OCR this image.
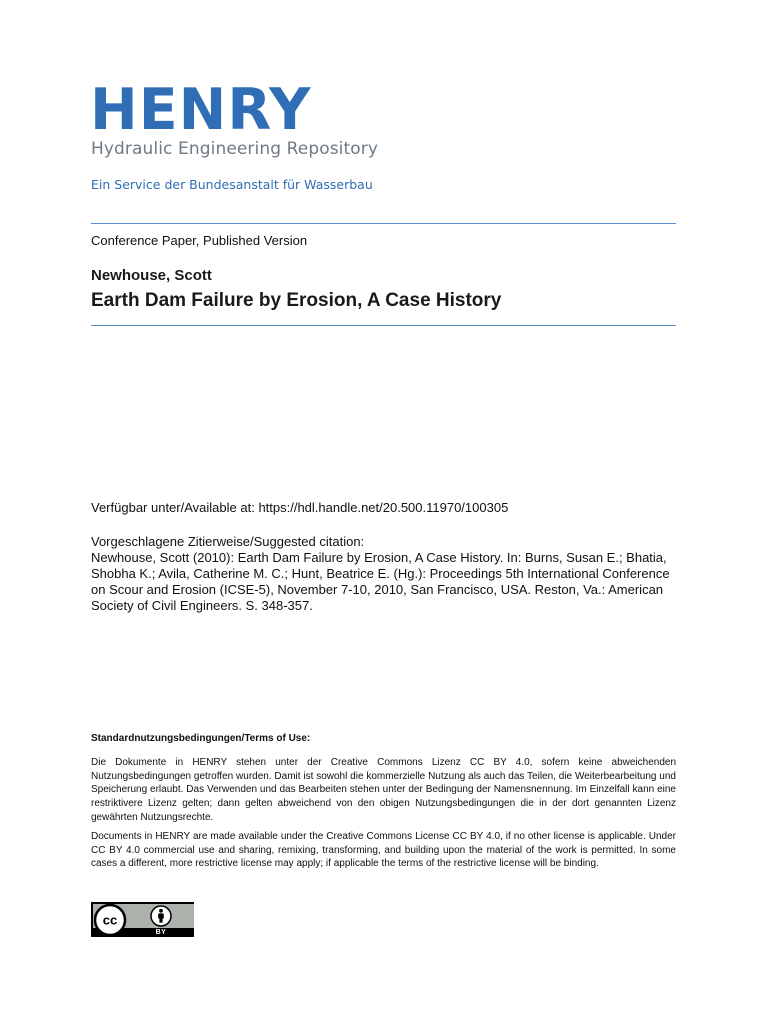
HENRY
Hydraulic Engineering Repository
Ein Service der Bundesanstalt für Wasserbau
Conference Paper, Published Version
Newhouse, Scott
Earth Dam Failure by Erosion, A Case History
Verfügbar unter/Available at: https://hdl.handle.net/20.500.11970/100305
Vorgeschlagene Zitierweise/Suggested citation:
Newhouse, Scott (2010): Earth Dam Failure by Erosion, A Case History. In: Burns, Susan E.; Bhatia, Shobha K.; Avila, Catherine M. C.; Hunt, Beatrice E. (Hg.): Proceedings 5th International Conference on Scour and Erosion (ICSE-5), November 7-10, 2010, San Francisco, USA. Reston, Va.: American Society of Civil Engineers. S. 348-357.
Standardnutzungsbedingungen/Terms of Use:

Die Dokumente in HENRY stehen unter der Creative Commons Lizenz CC BY 4.0, sofern keine abweichenden Nutzungsbedingungen getroffen wurden. Damit ist sowohl die kommerzielle Nutzung als auch das Teilen, die Weiterbearbeitung und Speicherung erlaubt. Das Verwenden und das Bearbeiten stehen unter der Bedingung der Namensnennung. Im Einzelfall kann eine restriktivere Lizenz gelten; dann gelten abweichend von den obigen Nutzungsbedingungen die in der dort genannten Lizenz gewährten Nutzungsrechte.

Documents in HENRY are made available under the Creative Commons License CC BY 4.0, if no other license is applicable. Under CC BY 4.0 commercial use and sharing, remixing, transforming, and building upon the material of the work is permitted. In some cases a different, more restrictive license may apply; if applicable the terms of the restrictive license will be binding.

cc
BY
